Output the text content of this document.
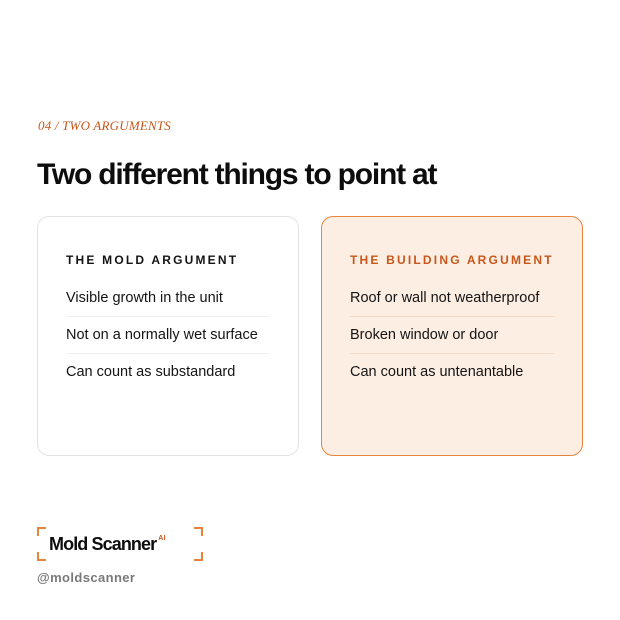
04 / TWO ARGUMENTS
Two different things to point at
THE MOLD ARGUMENT
Visible growth in the unit
Not on a normally wet surface
Can count as substandard
THE BUILDING ARGUMENT
Roof or wall not weatherproof
Broken window or door
Can count as untenantable
Mold Scanner $^{AI}$
@moldscanner
